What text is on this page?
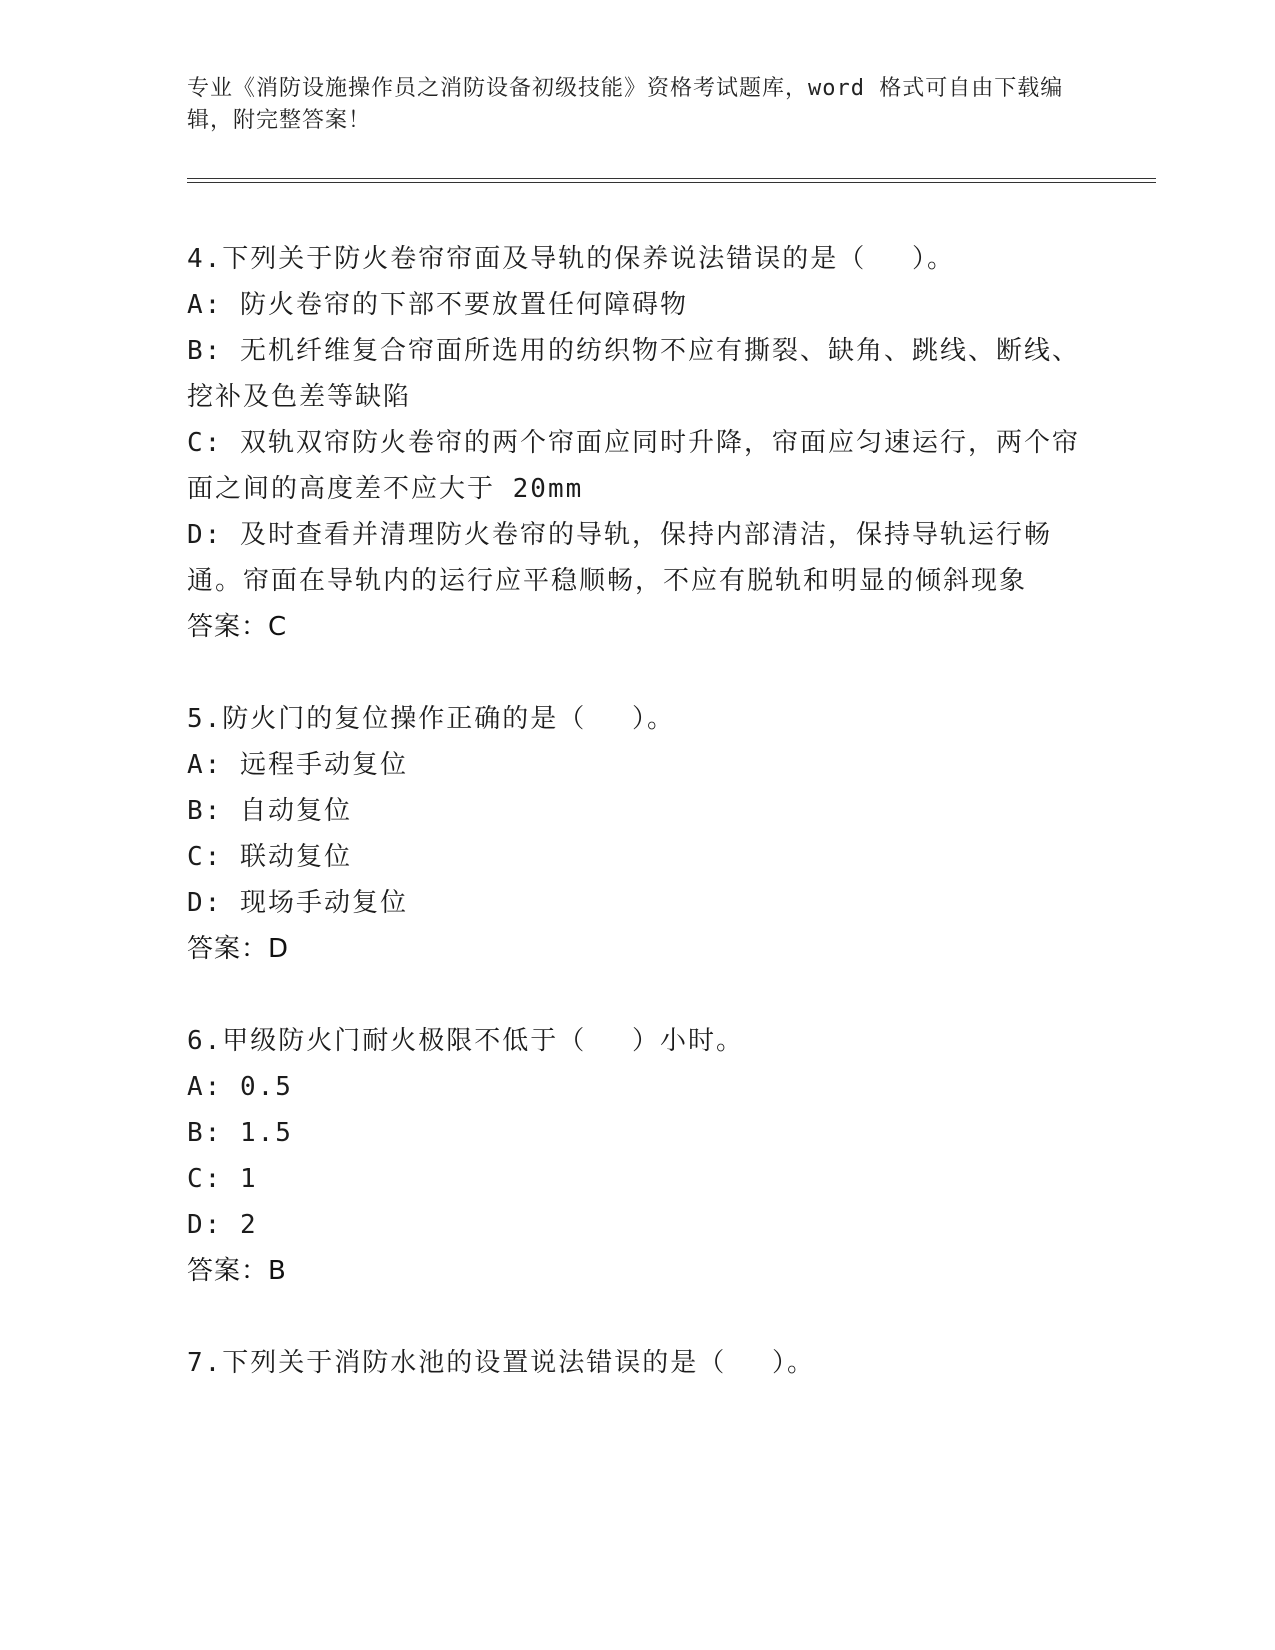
专业《消防设施操作员之消防设备初级技能》资格考试题库，word 格式可自由下载编辑，附完整答案！
4.下列关于防火卷帘帘面及导轨的保养说法错误的是（　 ）。
A: 防火卷帘的下部不要放置任何障碍物
B: 无机纤维复合帘面所选用的纺织物不应有撕裂、缺角、跳线、断线、挖补及色差等缺陷
C: 双轨双帘防火卷帘的两个帘面应同时升降，帘面应匀速运行，两个帘面之间的高度差不应大于 20mm
D: 及时查看并清理防火卷帘的导轨，保持内部清洁，保持导轨运行畅通。帘面在导轨内的运行应平稳顺畅，不应有脱轨和明显的倾斜现象
答案：C
5.防火门的复位操作正确的是（　 ）。
A: 远程手动复位
B: 自动复位
C: 联动复位
D: 现场手动复位
答案：D
6.甲级防火门耐火极限不低于（　 ）小时。
A: 0.5
B: 1.5
C: 1
D: 2
答案：B
7.下列关于消防水池的设置说法错误的是（　 ）。
